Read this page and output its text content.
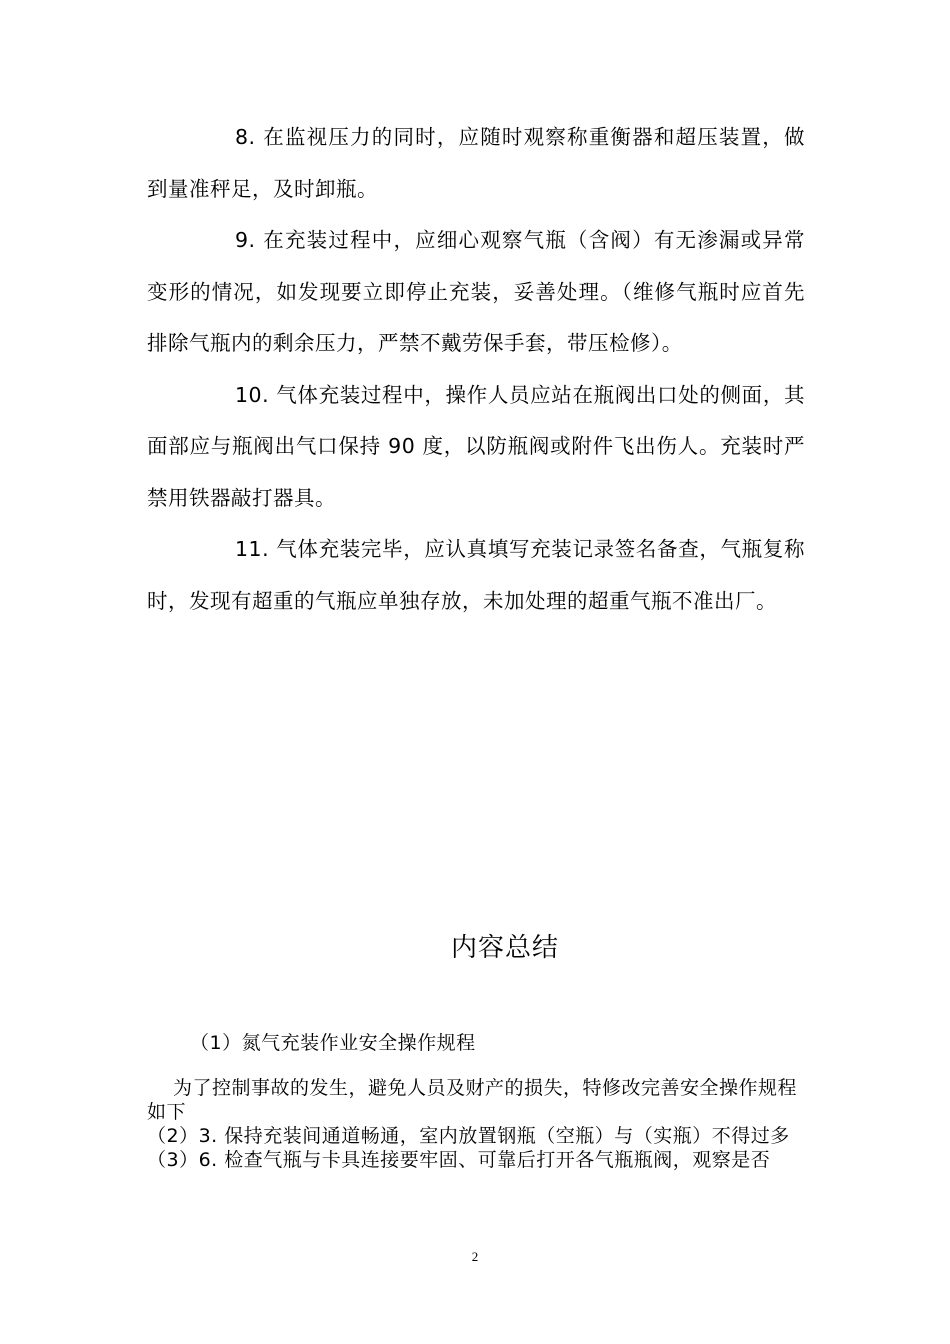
8. 在监视压力的同时，应随时观察称重衡器和超压装置，做到量准秤足，及时卸瓶。

9. 在充装过程中，应细心观察气瓶（含阀）有无渗漏或异常变形的情况，如发现要立即停止充装，妥善处理。（维修气瓶时应首先排除气瓶内的剩余压力，严禁不戴劳保手套，带压检修）。

10. 气体充装过程中，操作人员应站在瓶阀出口处的侧面，其面部应与瓶阀出气口保持 90 度，以防瓶阀或附件飞出伤人。充装时严禁用铁器敲打器具。

11. 气体充装完毕，应认真填写充装记录签名备查，气瓶复称时，发现有超重的气瓶应单独存放，未加处理的超重气瓶不准出厂。

内容总结
（1）氮气充装作业安全操作规程

为了控制事故的发生，避免人员及财产的损失，特修改完善安全操作规程如下

（2）3. 保持充装间通道畅通，室内放置钢瓶（空瓶）与（实瓶）不得过多

（3）6. 检查气瓶与卡具连接要牢固、可靠后打开各气瓶瓶阀，观察是否

2
